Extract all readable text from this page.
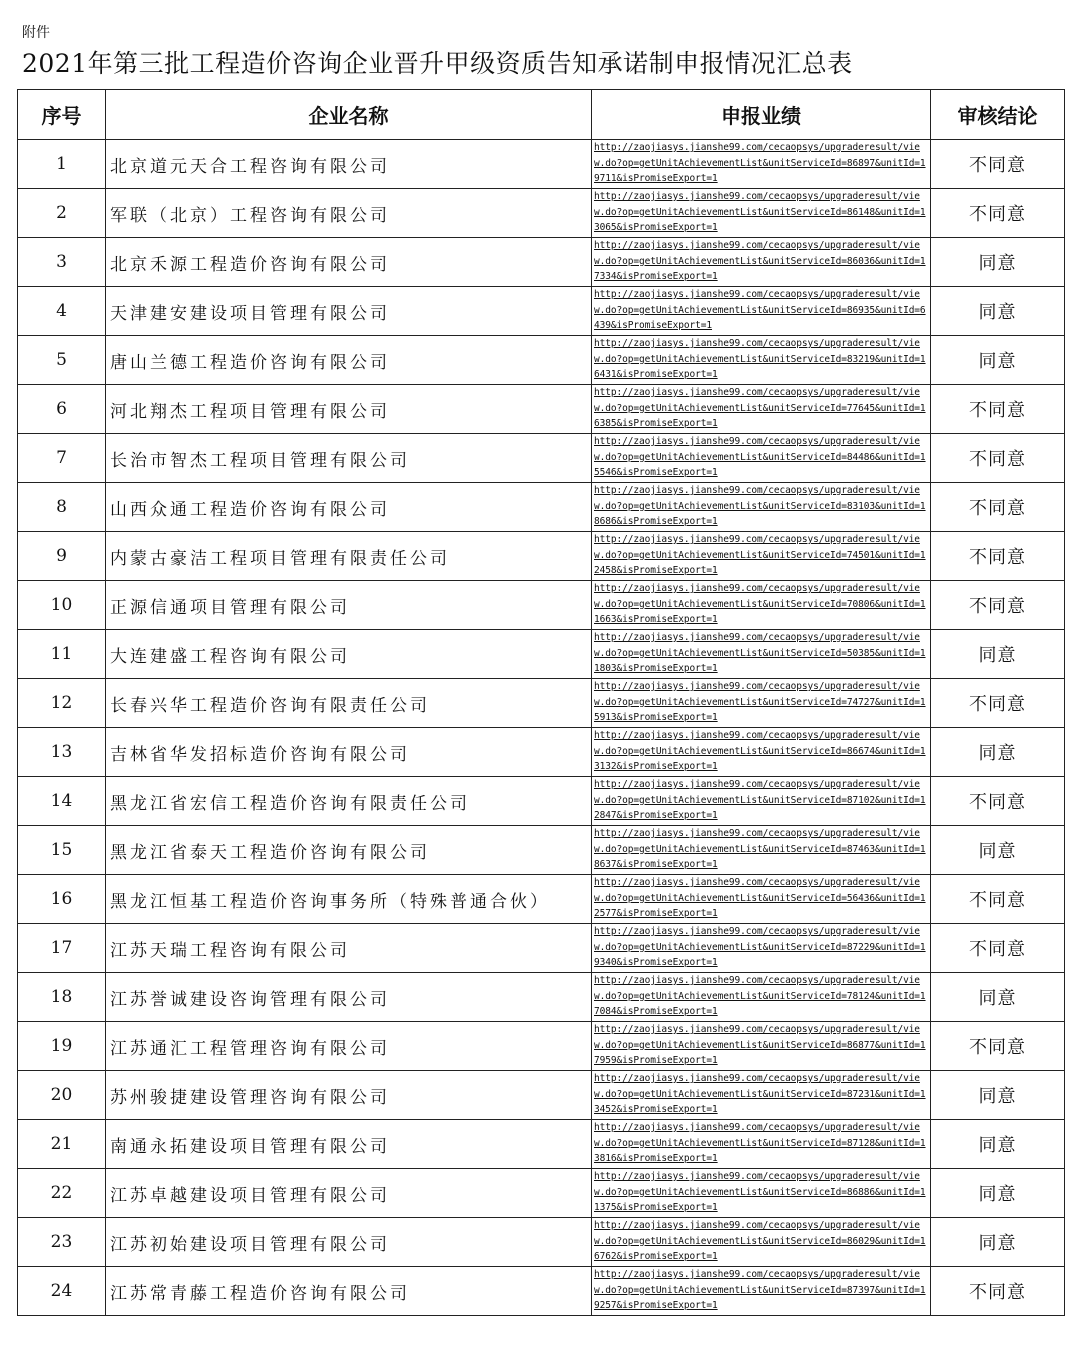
附件
2021年第三批工程造价咨询企业晋升甲级资质告知承诺制申报情况汇总表
序号	企业名称	申报业绩	审核结论
1	北京道元天合工程咨询有限公司	http://zaojiasys.jianshe99.com/cecaopsys/upgraderesult/view.do?op=getUnitAchievementList&unitServiceId=86897&unitId=19711&isPromiseExport=1	不同意
2	军联（北京）工程咨询有限公司	http://zaojiasys.jianshe99.com/cecaopsys/upgraderesult/view.do?op=getUnitAchievementList&unitServiceId=86148&unitId=13065&isPromiseExport=1	不同意
3	北京禾源工程造价咨询有限公司	http://zaojiasys.jianshe99.com/cecaopsys/upgraderesult/view.do?op=getUnitAchievementList&unitServiceId=86036&unitId=17334&isPromiseExport=1	同意
4	天津建安建设项目管理有限公司	http://zaojiasys.jianshe99.com/cecaopsys/upgraderesult/view.do?op=getUnitAchievementList&unitServiceId=86935&unitId=6439&isPromiseExport=1	同意
5	唐山兰德工程造价咨询有限公司	http://zaojiasys.jianshe99.com/cecaopsys/upgraderesult/view.do?op=getUnitAchievementList&unitServiceId=83219&unitId=16431&isPromiseExport=1	同意
6	河北翔杰工程项目管理有限公司	http://zaojiasys.jianshe99.com/cecaopsys/upgraderesult/view.do?op=getUnitAchievementList&unitServiceId=77645&unitId=16385&isPromiseExport=1	不同意
7	长治市智杰工程项目管理有限公司	http://zaojiasys.jianshe99.com/cecaopsys/upgraderesult/view.do?op=getUnitAchievementList&unitServiceId=84486&unitId=15546&isPromiseExport=1	不同意
8	山西众通工程造价咨询有限公司	http://zaojiasys.jianshe99.com/cecaopsys/upgraderesult/view.do?op=getUnitAchievementList&unitServiceId=83103&unitId=18686&isPromiseExport=1	不同意
9	内蒙古豪洁工程项目管理有限责任公司	http://zaojiasys.jianshe99.com/cecaopsys/upgraderesult/view.do?op=getUnitAchievementList&unitServiceId=74501&unitId=12458&isPromiseExport=1	不同意
10	正源信通项目管理有限公司	http://zaojiasys.jianshe99.com/cecaopsys/upgraderesult/view.do?op=getUnitAchievementList&unitServiceId=70806&unitId=11663&isPromiseExport=1	不同意
11	大连建盛工程咨询有限公司	http://zaojiasys.jianshe99.com/cecaopsys/upgraderesult/view.do?op=getUnitAchievementList&unitServiceId=50385&unitId=11803&isPromiseExport=1	同意
12	长春兴华工程造价咨询有限责任公司	http://zaojiasys.jianshe99.com/cecaopsys/upgraderesult/view.do?op=getUnitAchievementList&unitServiceId=74727&unitId=15913&isPromiseExport=1	不同意
13	吉林省华发招标造价咨询有限公司	http://zaojiasys.jianshe99.com/cecaopsys/upgraderesult/view.do?op=getUnitAchievementList&unitServiceId=86674&unitId=13132&isPromiseExport=1	同意
14	黑龙江省宏信工程造价咨询有限责任公司	http://zaojiasys.jianshe99.com/cecaopsys/upgraderesult/view.do?op=getUnitAchievementList&unitServiceId=87102&unitId=12847&isPromiseExport=1	不同意
15	黑龙江省泰天工程造价咨询有限公司	http://zaojiasys.jianshe99.com/cecaopsys/upgraderesult/view.do?op=getUnitAchievementList&unitServiceId=87463&unitId=18637&isPromiseExport=1	同意
16	黑龙江恒基工程造价咨询事务所（特殊普通合伙）	http://zaojiasys.jianshe99.com/cecaopsys/upgraderesult/view.do?op=getUnitAchievementList&unitServiceId=56436&unitId=12577&isPromiseExport=1	不同意
17	江苏天瑞工程咨询有限公司	http://zaojiasys.jianshe99.com/cecaopsys/upgraderesult/view.do?op=getUnitAchievementList&unitServiceId=87229&unitId=19340&isPromiseExport=1	不同意
18	江苏誉诚建设咨询管理有限公司	http://zaojiasys.jianshe99.com/cecaopsys/upgraderesult/view.do?op=getUnitAchievementList&unitServiceId=78124&unitId=17084&isPromiseExport=1	同意
19	江苏通汇工程管理咨询有限公司	http://zaojiasys.jianshe99.com/cecaopsys/upgraderesult/view.do?op=getUnitAchievementList&unitServiceId=86877&unitId=17959&isPromiseExport=1	不同意
20	苏州骏捷建设管理咨询有限公司	http://zaojiasys.jianshe99.com/cecaopsys/upgraderesult/view.do?op=getUnitAchievementList&unitServiceId=87231&unitId=13452&isPromiseExport=1	同意
21	南通永拓建设项目管理有限公司	http://zaojiasys.jianshe99.com/cecaopsys/upgraderesult/view.do?op=getUnitAchievementList&unitServiceId=87128&unitId=13816&isPromiseExport=1	同意
22	江苏卓越建设项目管理有限公司	http://zaojiasys.jianshe99.com/cecaopsys/upgraderesult/view.do?op=getUnitAchievementList&unitServiceId=86886&unitId=11375&isPromiseExport=1	同意
23	江苏初始建设项目管理有限公司	http://zaojiasys.jianshe99.com/cecaopsys/upgraderesult/view.do?op=getUnitAchievementList&unitServiceId=86029&unitId=16762&isPromiseExport=1	同意
24	江苏常青藤工程造价咨询有限公司	http://zaojiasys.jianshe99.com/cecaopsys/upgraderesult/view.do?op=getUnitAchievementList&unitServiceId=87397&unitId=19257&isPromiseExport=1	不同意
